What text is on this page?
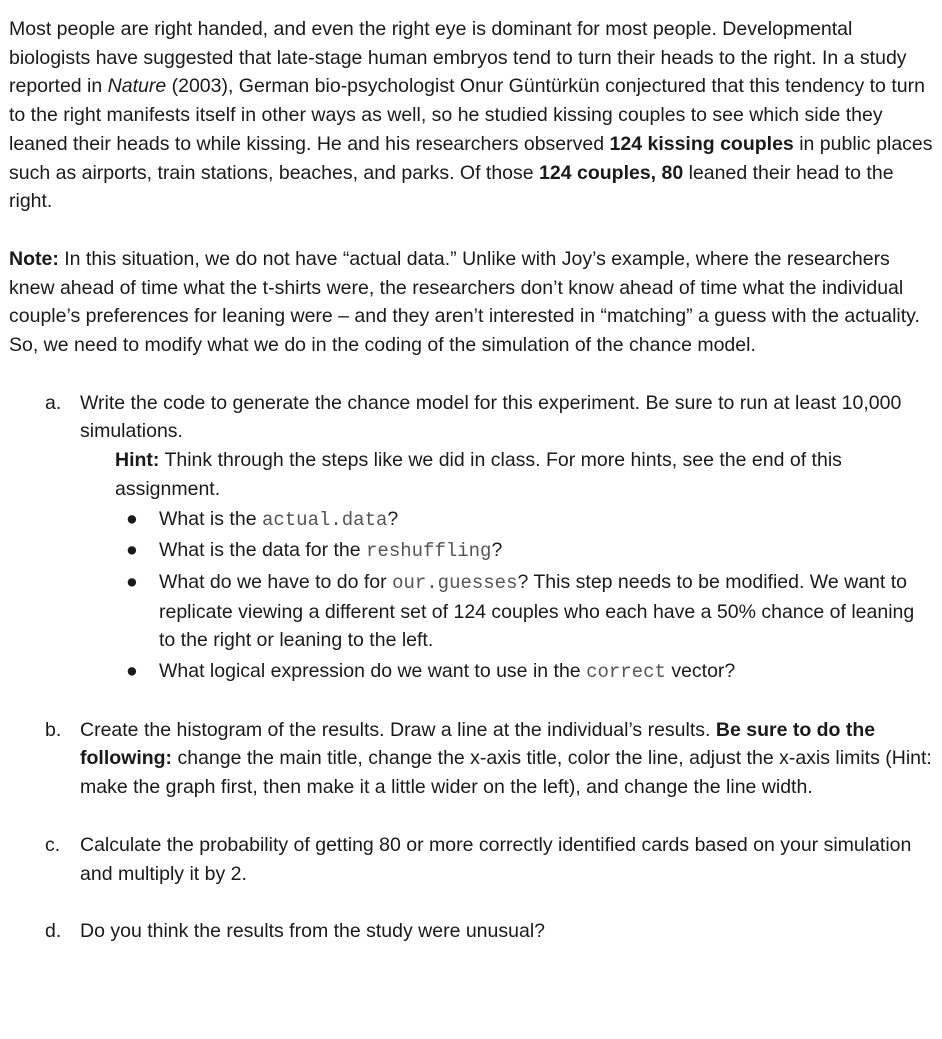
Most people are right handed, and even the right eye is dominant for most people. Developmental biologists have suggested that late-stage human embryos tend to turn their heads to the right. In a study reported in Nature (2003), German bio-psychologist Onur Güntürkün conjectured that this tendency to turn to the right manifests itself in other ways as well, so he studied kissing couples to see which side they leaned their heads to while kissing. He and his researchers observed 124 kissing couples in public places such as airports, train stations, beaches, and parks. Of those 124 couples, 80 leaned their head to the right.

Note: In this situation, we do not have “actual data.” Unlike with Joy’s example, where the researchers knew ahead of time what the t-shirts were, the researchers don’t know ahead of time what the individual couple’s preferences for leaning were – and they aren’t interested in “matching” a guess with the actuality. So, we need to modify what we do in the coding of the simulation of the chance model.

a. Write the code to generate the chance model for this experiment. Be sure to run at least 10,000 simulations.

Hint: Think through the steps like we did in class. For more hints, see the end of this assignment.

● What is the actual.data?
● What is the data for the reshuffling?
● What do we have to do for our.guesses? This step needs to be modified. We want to replicate viewing a different set of 124 couples who each have a 50% chance of leaning to the right or leaning to the left.
● What logical expression do we want to use in the correct vector?
b. Create the histogram of the results. Draw a line at the individual’s results. Be sure to do the following: change the main title, change the x-axis title, color the line, adjust the x-axis limits (Hint: make the graph first, then make it a little wider on the left), and change the line width.

c. Calculate the probability of getting 80 or more correctly identified cards based on your simulation and multiply it by 2.

d. Do you think the results from the study were unusual?
